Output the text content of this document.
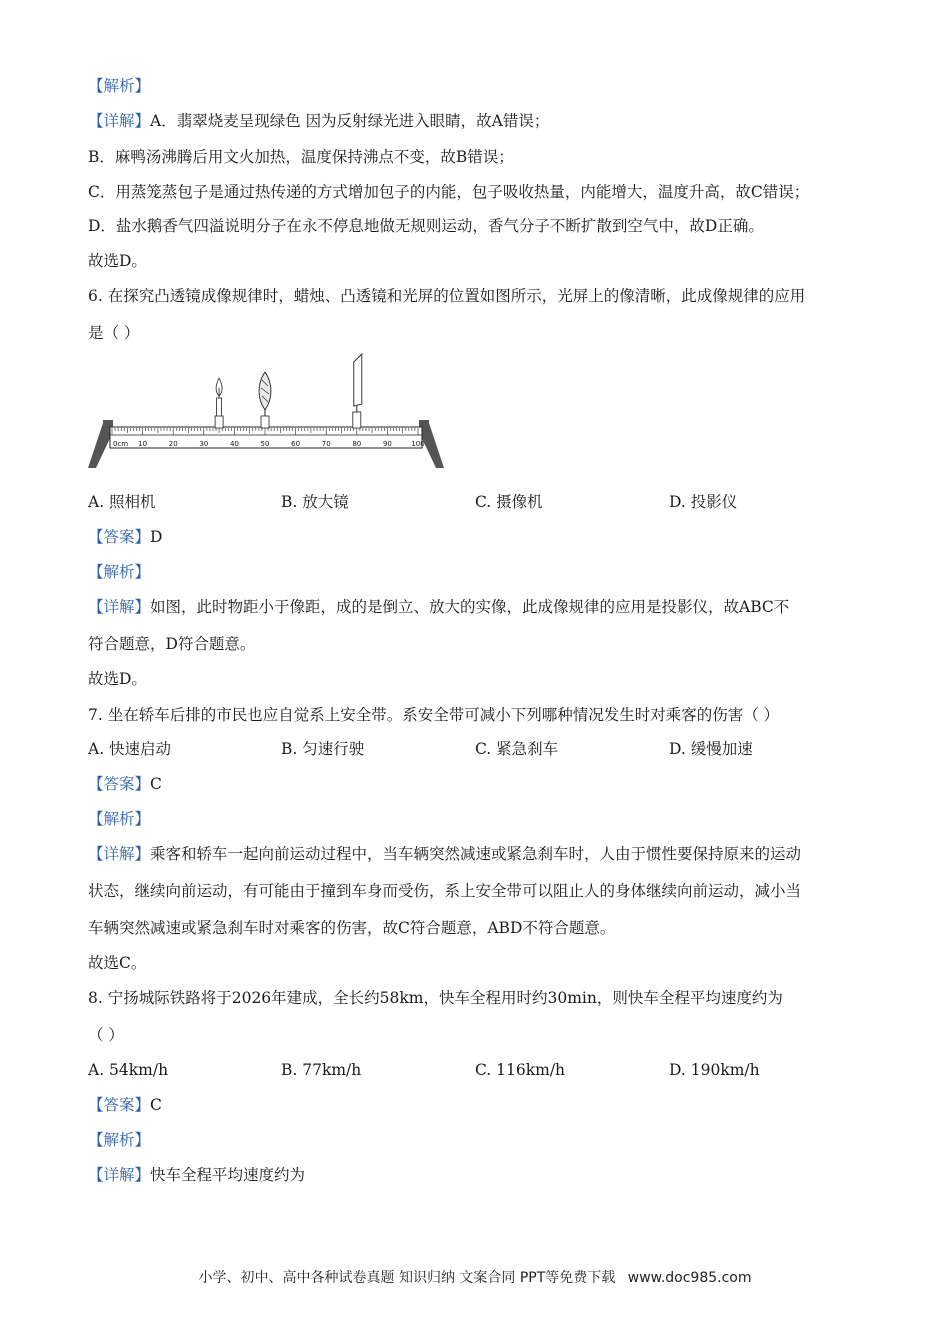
【解析】
【详解】A．翡翠烧麦呈现绿色 因为反射绿光进入眼睛，故A错误；
B．麻鸭汤沸腾后用文火加热，温度保持沸点不变，故B错误；
C．用蒸笼蒸包子是通过热传递的方式增加包子的内能，包子吸收热量，内能增大，温度升高，故C错误；
D．盐水鹅香气四溢说明分子在永不停息地做无规则运动，香气分子不断扩散到空气中，故D正确。
故选D。
6. 在探究凸透镜成像规律时，蜡烛、凸透镜和光屏的位置如图所示，光屏上的像清晰，此成像规律的应用
是（ ）
0cm 10	20	30	40	50	60	70	80	90	100
A. 照相机	B. 放大镜	C. 摄像机	D. 投影仪
【答案】D
【解析】
【详解】如图，此时物距小于像距，成的是倒立、放大的实像，此成像规律的应用是投影仪，故ABC不
符合题意，D符合题意。
故选D。
7. 坐在轿车后排的市民也应自觉系上安全带。系安全带可减小下列哪种情况发生时对乘客的伤害（ ）
A. 快速启动	B. 匀速行驶	C. 紧急刹车	D. 缓慢加速
【答案】C
【解析】
【详解】乘客和轿车一起向前运动过程中，当车辆突然减速或紧急刹车时，人由于惯性要保持原来的运动
状态，继续向前运动，有可能由于撞到车身而受伤，系上安全带可以阻止人的身体继续向前运动，减小当
车辆突然减速或紧急刹车时对乘客的伤害，故C符合题意，ABD不符合题意。
故选C。
8. 宁扬城际铁路将于2026年建成，全长约58km，快车全程用时约30min，则快车全程平均速度约为
（ ）
A. 54km/h	B. 77km/h	C. 116km/h	D. 190km/h
【答案】C
【解析】
【详解】快车全程平均速度约为
小学、初中、高中各种试卷真题 知识归纳 文案合同 PPT等免费下载 www.doc985.com
